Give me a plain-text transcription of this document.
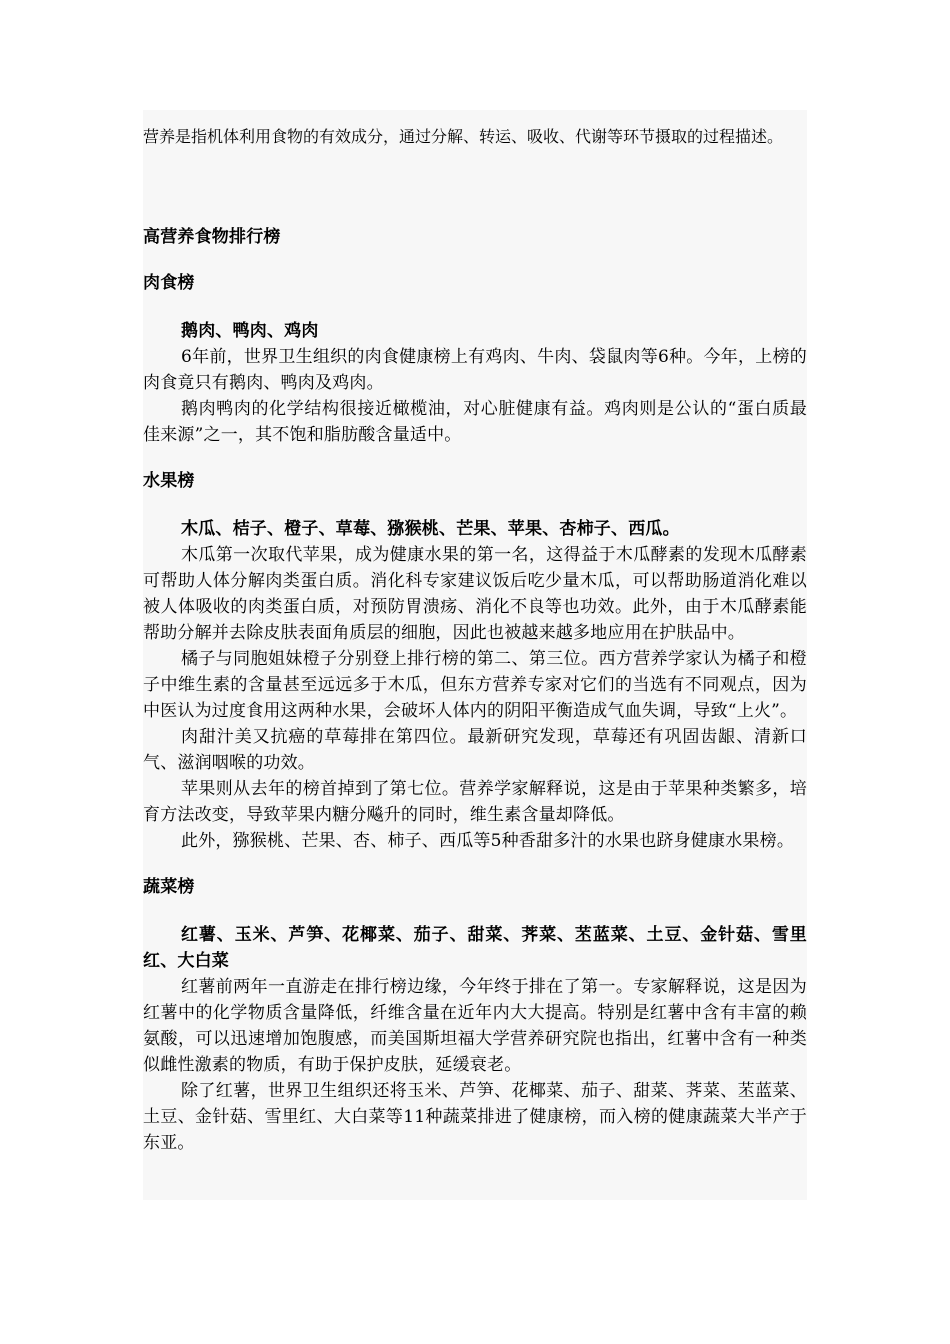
营养是指机体利用食物的有效成分，通过分解、转运、吸收、代谢等环节摄取的过程描述。

高营养食物排行榜

肉食榜

鹅肉、鸭肉、鸡肉

6年前，世界卫生组织的肉食健康榜上有鸡肉、牛肉、袋鼠肉等6种。今年，上榜的肉食竟只有鹅肉、鸭肉及鸡肉。

鹅肉鸭肉的化学结构很接近橄榄油，对心脏健康有益。鸡肉则是公认的“蛋白质最佳来源”之一，其不饱和脂肪酸含量适中。

水果榜

木瓜、桔子、橙子、草莓、猕猴桃、芒果、苹果、杏柿子、西瓜。

木瓜第一次取代苹果，成为健康水果的第一名，这得益于木瓜酵素的发现木瓜酵素可帮助人体分解肉类蛋白质。消化科专家建议饭后吃少量木瓜，可以帮助肠道消化难以被人体吸收的肉类蛋白质，对预防胃溃疡、消化不良等也功效。此外，由于木瓜酵素能帮助分解并去除皮肤表面角质层的细胞，因此也被越来越多地应用在护肤品中。

橘子与同胞姐妹橙子分别登上排行榜的第二、第三位。西方营养学家认为橘子和橙子中维生素的含量甚至远远多于木瓜，但东方营养专家对它们的当选有不同观点，因为中医认为过度食用这两种水果，会破坏人体内的阴阳平衡造成气血失调，导致“上火”。

肉甜汁美又抗癌的草莓排在第四位。最新研究发现，草莓还有巩固齿龈、清新口气、滋润咽喉的功效。

苹果则从去年的榜首掉到了第七位。营养学家解释说，这是由于苹果种类繁多，培育方法改变，导致苹果内糖分飚升的同时，维生素含量却降低。

此外，猕猴桃、芒果、杏、柿子、西瓜等5种香甜多汁的水果也跻身健康水果榜。

蔬菜榜

红薯、玉米、芦笋、花椰菜、茄子、甜菜、荠菜、苤蓝菜、土豆、金针菇、雪里红、大白菜

红薯前两年一直游走在排行榜边缘，今年终于排在了第一。专家解释说，这是因为红薯中的化学物质含量降低，纤维含量在近年内大大提高。特别是红薯中含有丰富的赖氨酸，可以迅速增加饱腹感，而美国斯坦福大学营养研究院也指出，红薯中含有一种类似雌性激素的物质，有助于保护皮肤，延缓衰老。

除了红薯，世界卫生组织还将玉米、芦笋、花椰菜、茄子、甜菜、荠菜、苤蓝菜、土豆、金针菇、雪里红、大白菜等11种蔬菜排进了健康榜，而入榜的健康蔬菜大半产于东亚。
